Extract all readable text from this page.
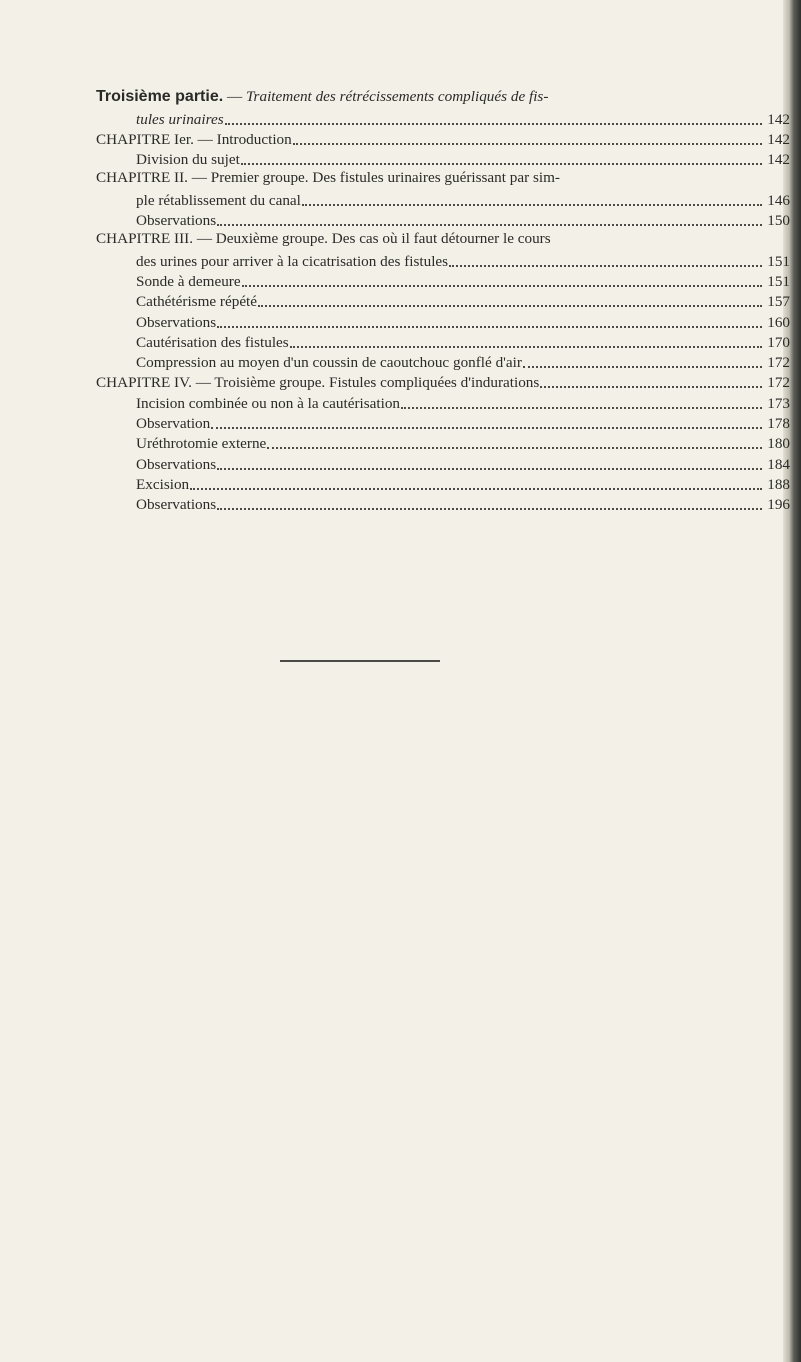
Troisième partie. — Traitement des rétrécissements compliqués de fis-
tules urinaires	142
CHAPITRE Ier. — Introduction	142
Division du sujet	142
CHAPITRE II. — Premier groupe. Des fistules urinaires guérissant par sim-
ple rétablissement du canal	146
Observations	150
CHAPITRE III. — Deuxième groupe. Des cas où il faut détourner le cours
des urines pour arriver à la cicatrisation des fistules	151
Sonde à demeure	151
Cathétérisme répété	157
Observations	160
Cautérisation des fistules	170
Compression au moyen d'un coussin de caoutchouc gonflé d'air	172
CHAPITRE IV. — Troisième groupe. Fistules compliquées d'indurations	172
Incision combinée ou non à la cautérisation	173
Observation	178
Uréthrotomie externe	180
Observations	184
Excision	188
Observations	196
